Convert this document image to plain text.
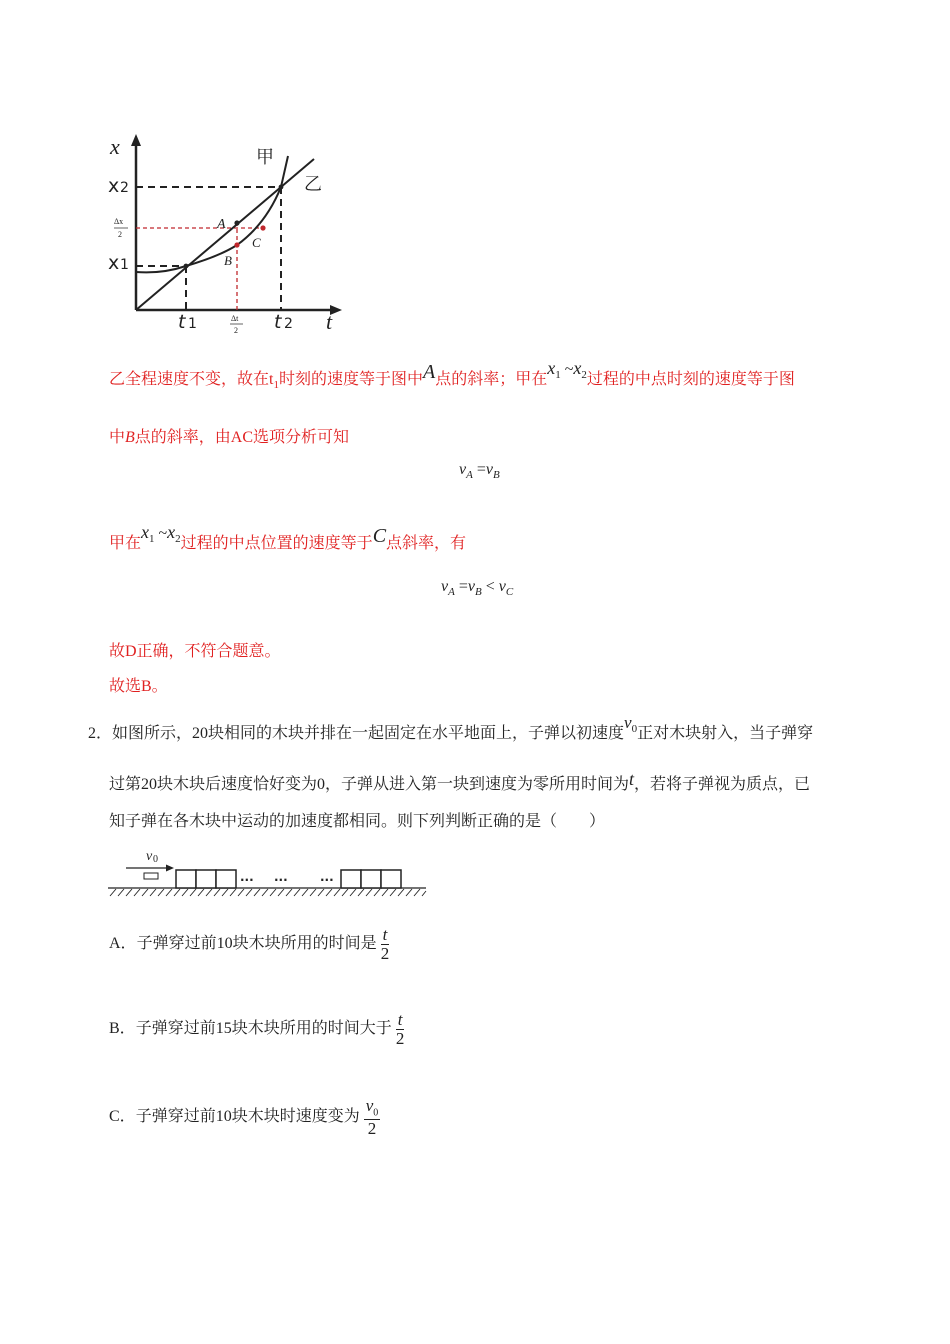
x
t
x 2
x 1
Δx
2
t 1	t 2
Δt
2
甲
乙
A
B
C
乙全程速度不变，故在$t_1$时刻的速度等于图中A点的斜率；甲在$x_1$ $\sim x_2$过程的中点时刻的速度等于图
中B点的斜率，由AC选项分析可知
$v_A =v_B$
甲在$x_1$ $\sim x_2$过程的中点位置的速度等于C点斜率，有
$v_A =v_B < v_C$
故D正确，不符合题意。
故选B。
2．如图所示，20块相同的木块并排在一起固定在水平地面上，子弹以初速度$v_0$正对木块射入，当子弹穿
过第20块木块后速度恰好变为0，子弹从进入第一块到速度为零所用时间为t，若将子弹视为质点，已
知子弹在各木块中运动的加速度都相同。则下列判断正确的是（　　）
v 0
··· ···	···
A．子弹穿过前10块木块所用的时间是 $\frac{t}{2}$
B．子弹穿过前15块木块所用的时间大于 $\frac{t}{2}$
C．子弹穿过前10块木块时速度变为 $\frac{v_0}{2}$
